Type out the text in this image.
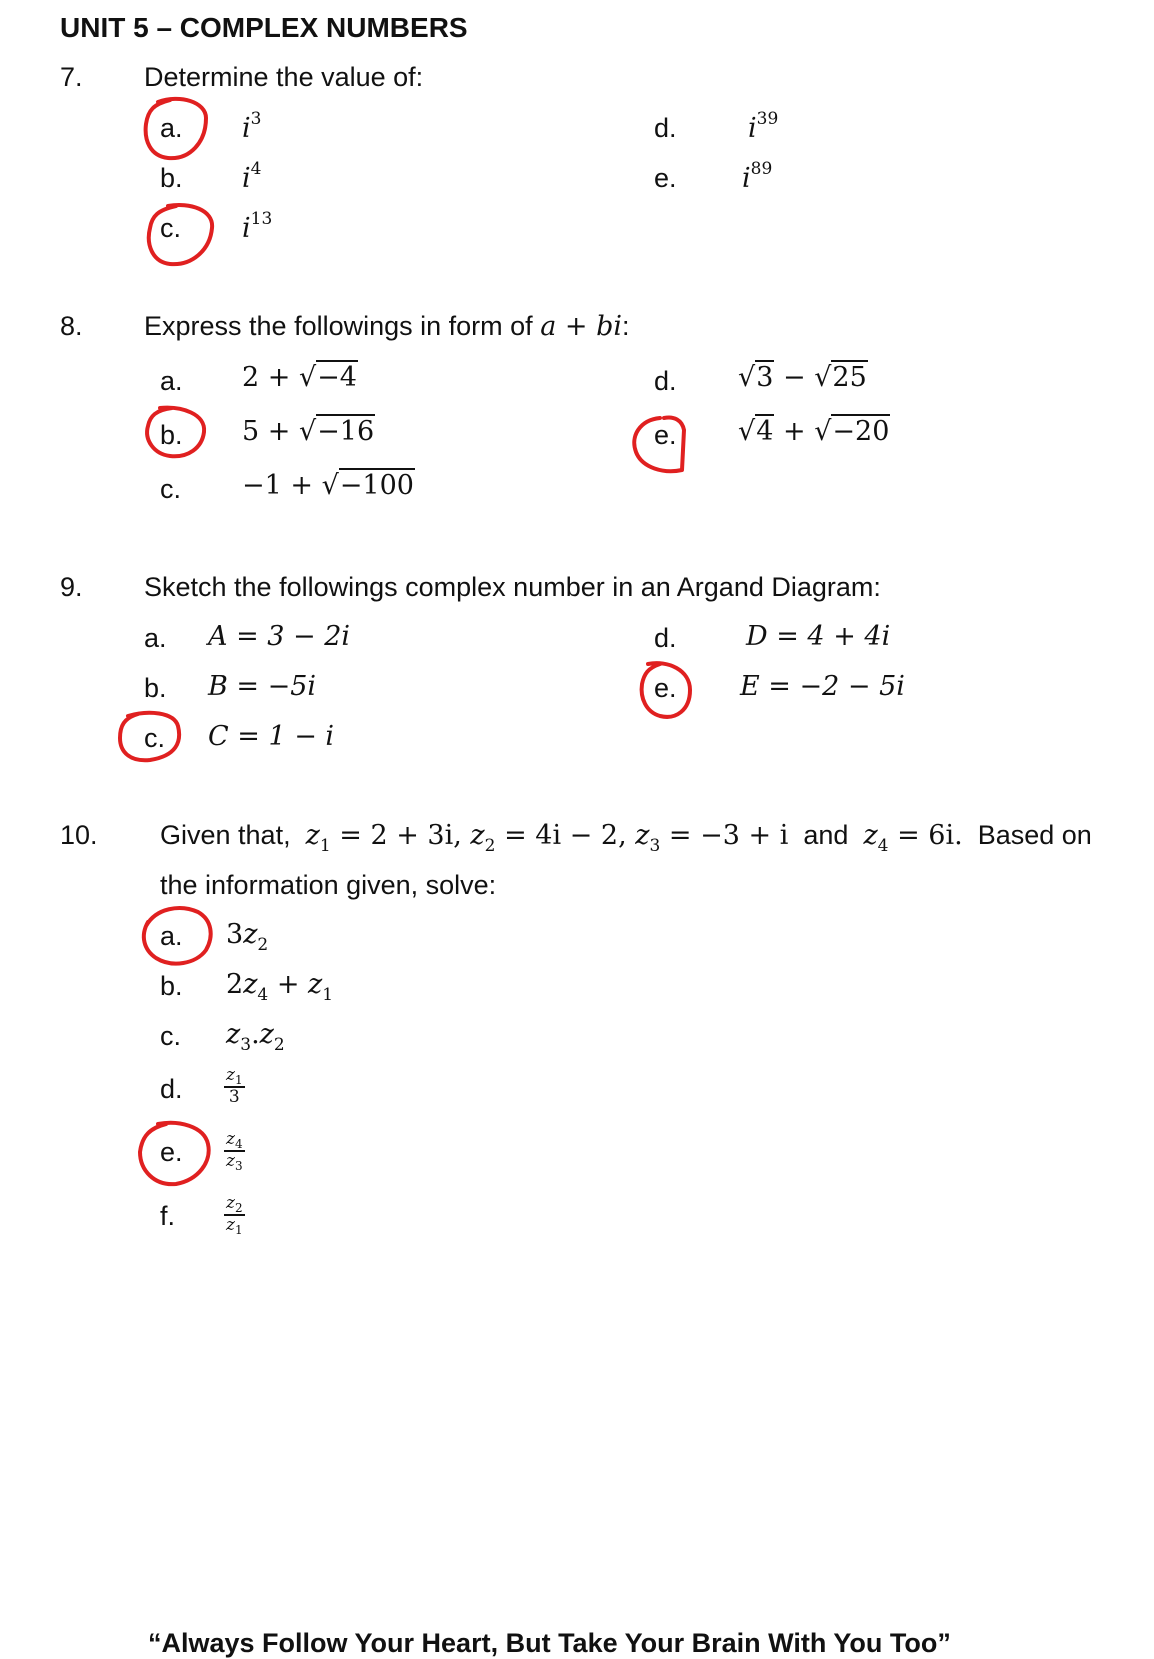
UNIT 5 – COMPLEX NUMBERS
7. Determine the value of:
a. $i^3$
b. $i^4$
c. $i^{13}$
d.	$i^{39}$
e. $i^{89}$
8. Express the followings in form of a + bi:
a. 2 + √−4
b. 5 + √−16
c. −1 + √−100
d. √3 − √25
e. √4 + √−20
9. Sketch the followings complex number in an Argand Diagram:
a. A = 3 − 2i
b. B = −5i
c. C = 1 − i
d.	D = 4 + 4i
e. E = −2 − 5i
10. Given that, $z_1 = 2 + 3i$, $z_2 = 4i - 2$, $z_3 = -3 + i$ and $z_4 = 6i$. Based on
the information given, solve:
a. $3z_2$
b. $2z_4 + z_1$
c. $z_3.z_2$
d. $\frac{z_1}{3}$
e. $\frac{z_4}{z_3}$
f.	$\frac{z_2}{z_1}$
“Always Follow Your Heart, But Take Your Brain With You Too”
